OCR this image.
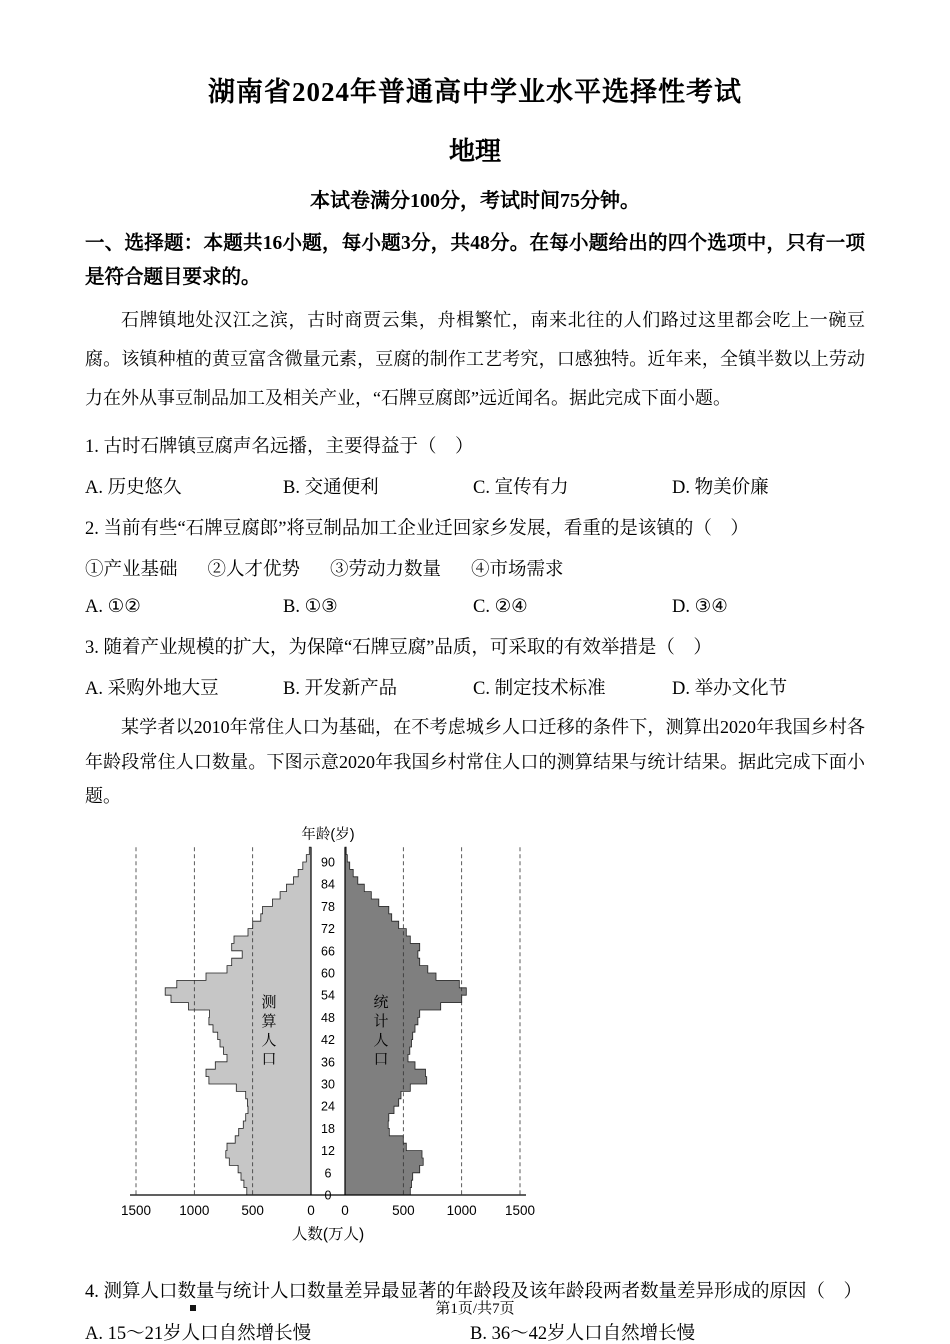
湖南省2024年普通高中学业水平选择性考试
地理
本试卷满分100分，考试时间75分钟。
一、选择题：本题共16小题，每小题3分，共48分。在每小题给出的四个选项中，只有一项是符合题目要求的。
石牌镇地处汉江之滨，古时商贾云集，舟楫繁忙，南来北往的人们路过这里都会吃上一碗豆腐。该镇种植的黄豆富含微量元素，豆腐的制作工艺考究，口感独特。近年来，全镇半数以上劳动力在外从事豆制品加工及相关产业，“石牌豆腐郎”远近闻名。据此完成下面小题。
1. 古时石牌镇豆腐声名远播，主要得益于（　）
A. 历史悠久	B. 交通便利	C. 宣传有力	D. 物美价廉
2. 当前有些“石牌豆腐郎”将豆制品加工企业迁回家乡发展，看重的是该镇的（　）
①产业基础 ②人才优势 ③劳动力数量 ④市场需求
A. ①②	B. ①③	C. ②④	D. ③④
3. 随着产业规模的扩大，为保障“石牌豆腐”品质，可采取的有效举措是（　）
A. 采购外地大豆	B. 开发新产品	C. 制定技术标准	D. 举办文化节
某学者以2010年常住人口为基础，在不考虑城乡人口迁移的条件下，测算出2020年我国乡村各年龄段常住人口数量。下图示意2020年我国乡村常住人口的测算结果与统计结果。据此完成下面小题。
0
6
12
18
24
30
36
42
48
54
60
66
72
78
84
90
1500 1000 500	0 0	500 1000 1500
年龄(岁)
人数(万人)
测算人口
统计人口
4. 测算人口数量与统计人口数量差异最显著的年龄段及该年龄段两者数量差异形成的原因（　）
A. 15～21岁人口自然增长慢	B. 36～42岁人口自然增长慢
第1页/共7页
